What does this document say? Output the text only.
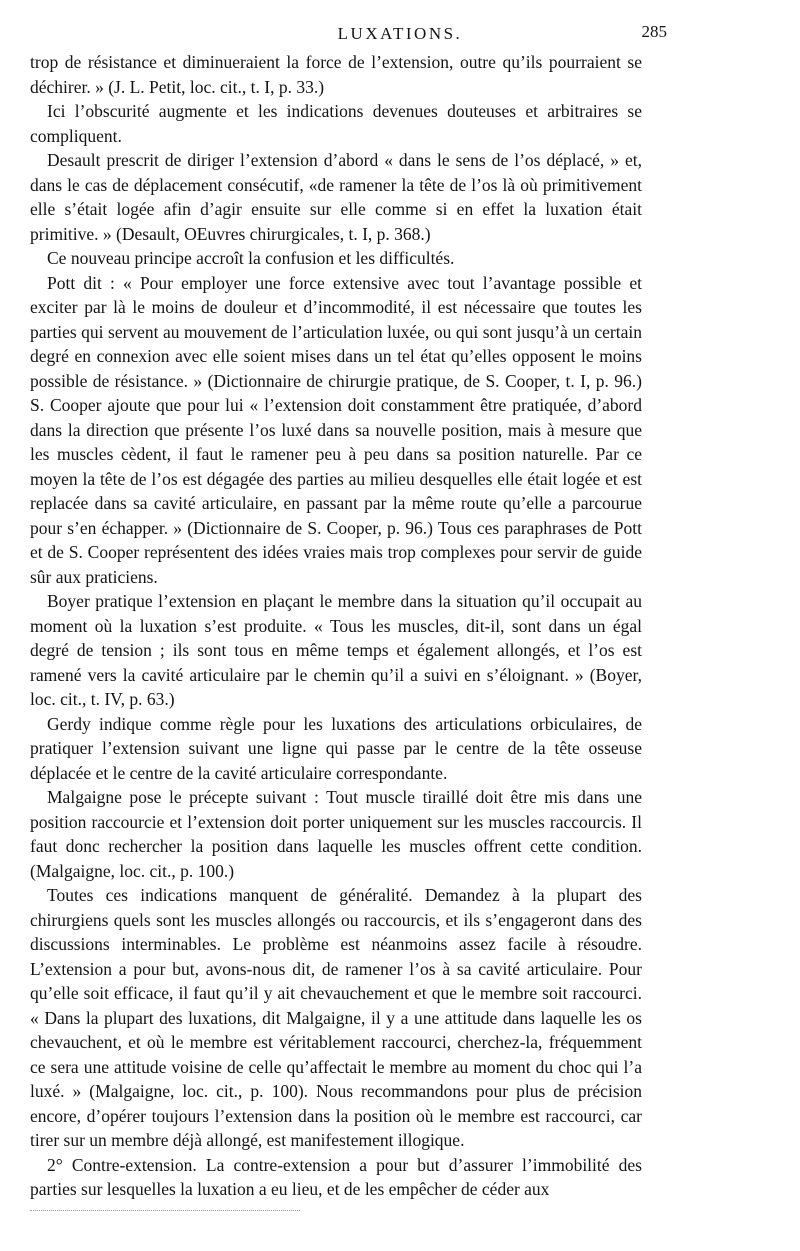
LUXATIONS.	285

trop de résistance et diminueraient la force de l’extension, outre qu’ils pourraient se déchirer. » (J. L. Petit, loc. cit., t. I, p. 33.)

Ici l’obscurité augmente et les indications devenues douteuses et arbitraires se compliquent.

Desault prescrit de diriger l’extension d’abord « dans le sens de l’os déplacé, » et, dans le cas de déplacement consécutif, «de ramener la tête de l’os là où primitivement elle s’était logée afin d’agir ensuite sur elle comme si en effet la luxation était primitive. » (Desault, OEuvres chirurgicales, t. I, p. 368.)

Ce nouveau principe accroît la confusion et les difficultés.

Pott dit : « Pour employer une force extensive avec tout l’avantage possible et exciter par là le moins de douleur et d’incommodité, il est nécessaire que toutes les parties qui servent au mouvement de l’articulation luxée, ou qui sont jusqu’à un certain degré en connexion avec elle soient mises dans un tel état qu’elles opposent le moins possible de résistance. » (Dictionnaire de chirurgie pratique, de S. Cooper, t. I, p. 96.) S. Cooper ajoute que pour lui « l’extension doit constamment être pratiquée, d’abord dans la direction que présente l’os luxé dans sa nouvelle position, mais à mesure que les muscles cèdent, il faut le ramener peu à peu dans sa position naturelle. Par ce moyen la tête de l’os est dégagée des parties au milieu desquelles elle était logée et est replacée dans sa cavité articulaire, en passant par la même route qu’elle a parcourue pour s’en échapper. » (Dictionnaire de S. Cooper, p. 96.) Tous ces paraphrases de Pott et de S. Cooper représentent des idées vraies mais trop complexes pour servir de guide sûr aux praticiens.

Boyer pratique l’extension en plaçant le membre dans la situation qu’il occupait au moment où la luxation s’est produite. « Tous les muscles, dit-il, sont dans un égal degré de tension ; ils sont tous en même temps et également allongés, et l’os est ramené vers la cavité articulaire par le chemin qu’il a suivi en s’éloignant. » (Boyer, loc. cit., t. IV, p. 63.)

Gerdy indique comme règle pour les luxations des articulations orbiculaires, de pratiquer l’extension suivant une ligne qui passe par le centre de la tête osseuse déplacée et le centre de la cavité articulaire correspondante.

Malgaigne pose le précepte suivant : Tout muscle tiraillé doit être mis dans une position raccourcie et l’extension doit porter uniquement sur les muscles raccourcis. Il faut donc rechercher la position dans laquelle les muscles offrent cette condition. (Malgaigne, loc. cit., p. 100.)

Toutes ces indications manquent de généralité. Demandez à la plupart des chirurgiens quels sont les muscles allongés ou raccourcis, et ils s’engageront dans des discussions interminables. Le problème est néanmoins assez facile à résoudre. L’extension a pour but, avons-nous dit, de ramener l’os à sa cavité articulaire. Pour qu’elle soit efficace, il faut qu’il y ait chevauchement et que le membre soit raccourci. « Dans la plupart des luxations, dit Malgaigne, il y a une attitude dans laquelle les os chevauchent, et où le membre est véritablement raccourci, cherchez-la, fréquemment ce sera une attitude voisine de celle qu’affectait le membre au moment du choc qui l’a luxé. » (Malgaigne, loc. cit., p. 100). Nous recommandons pour plus de précision encore, d’opérer toujours l’extension dans la position où le membre est raccourci, car tirer sur un membre déjà allongé, est manifestement illogique.

2° Contre-extension. La contre-extension a pour but d’assurer l’immobilité des parties sur lesquelles la luxation a eu lieu, et de les empêcher de céder aux
